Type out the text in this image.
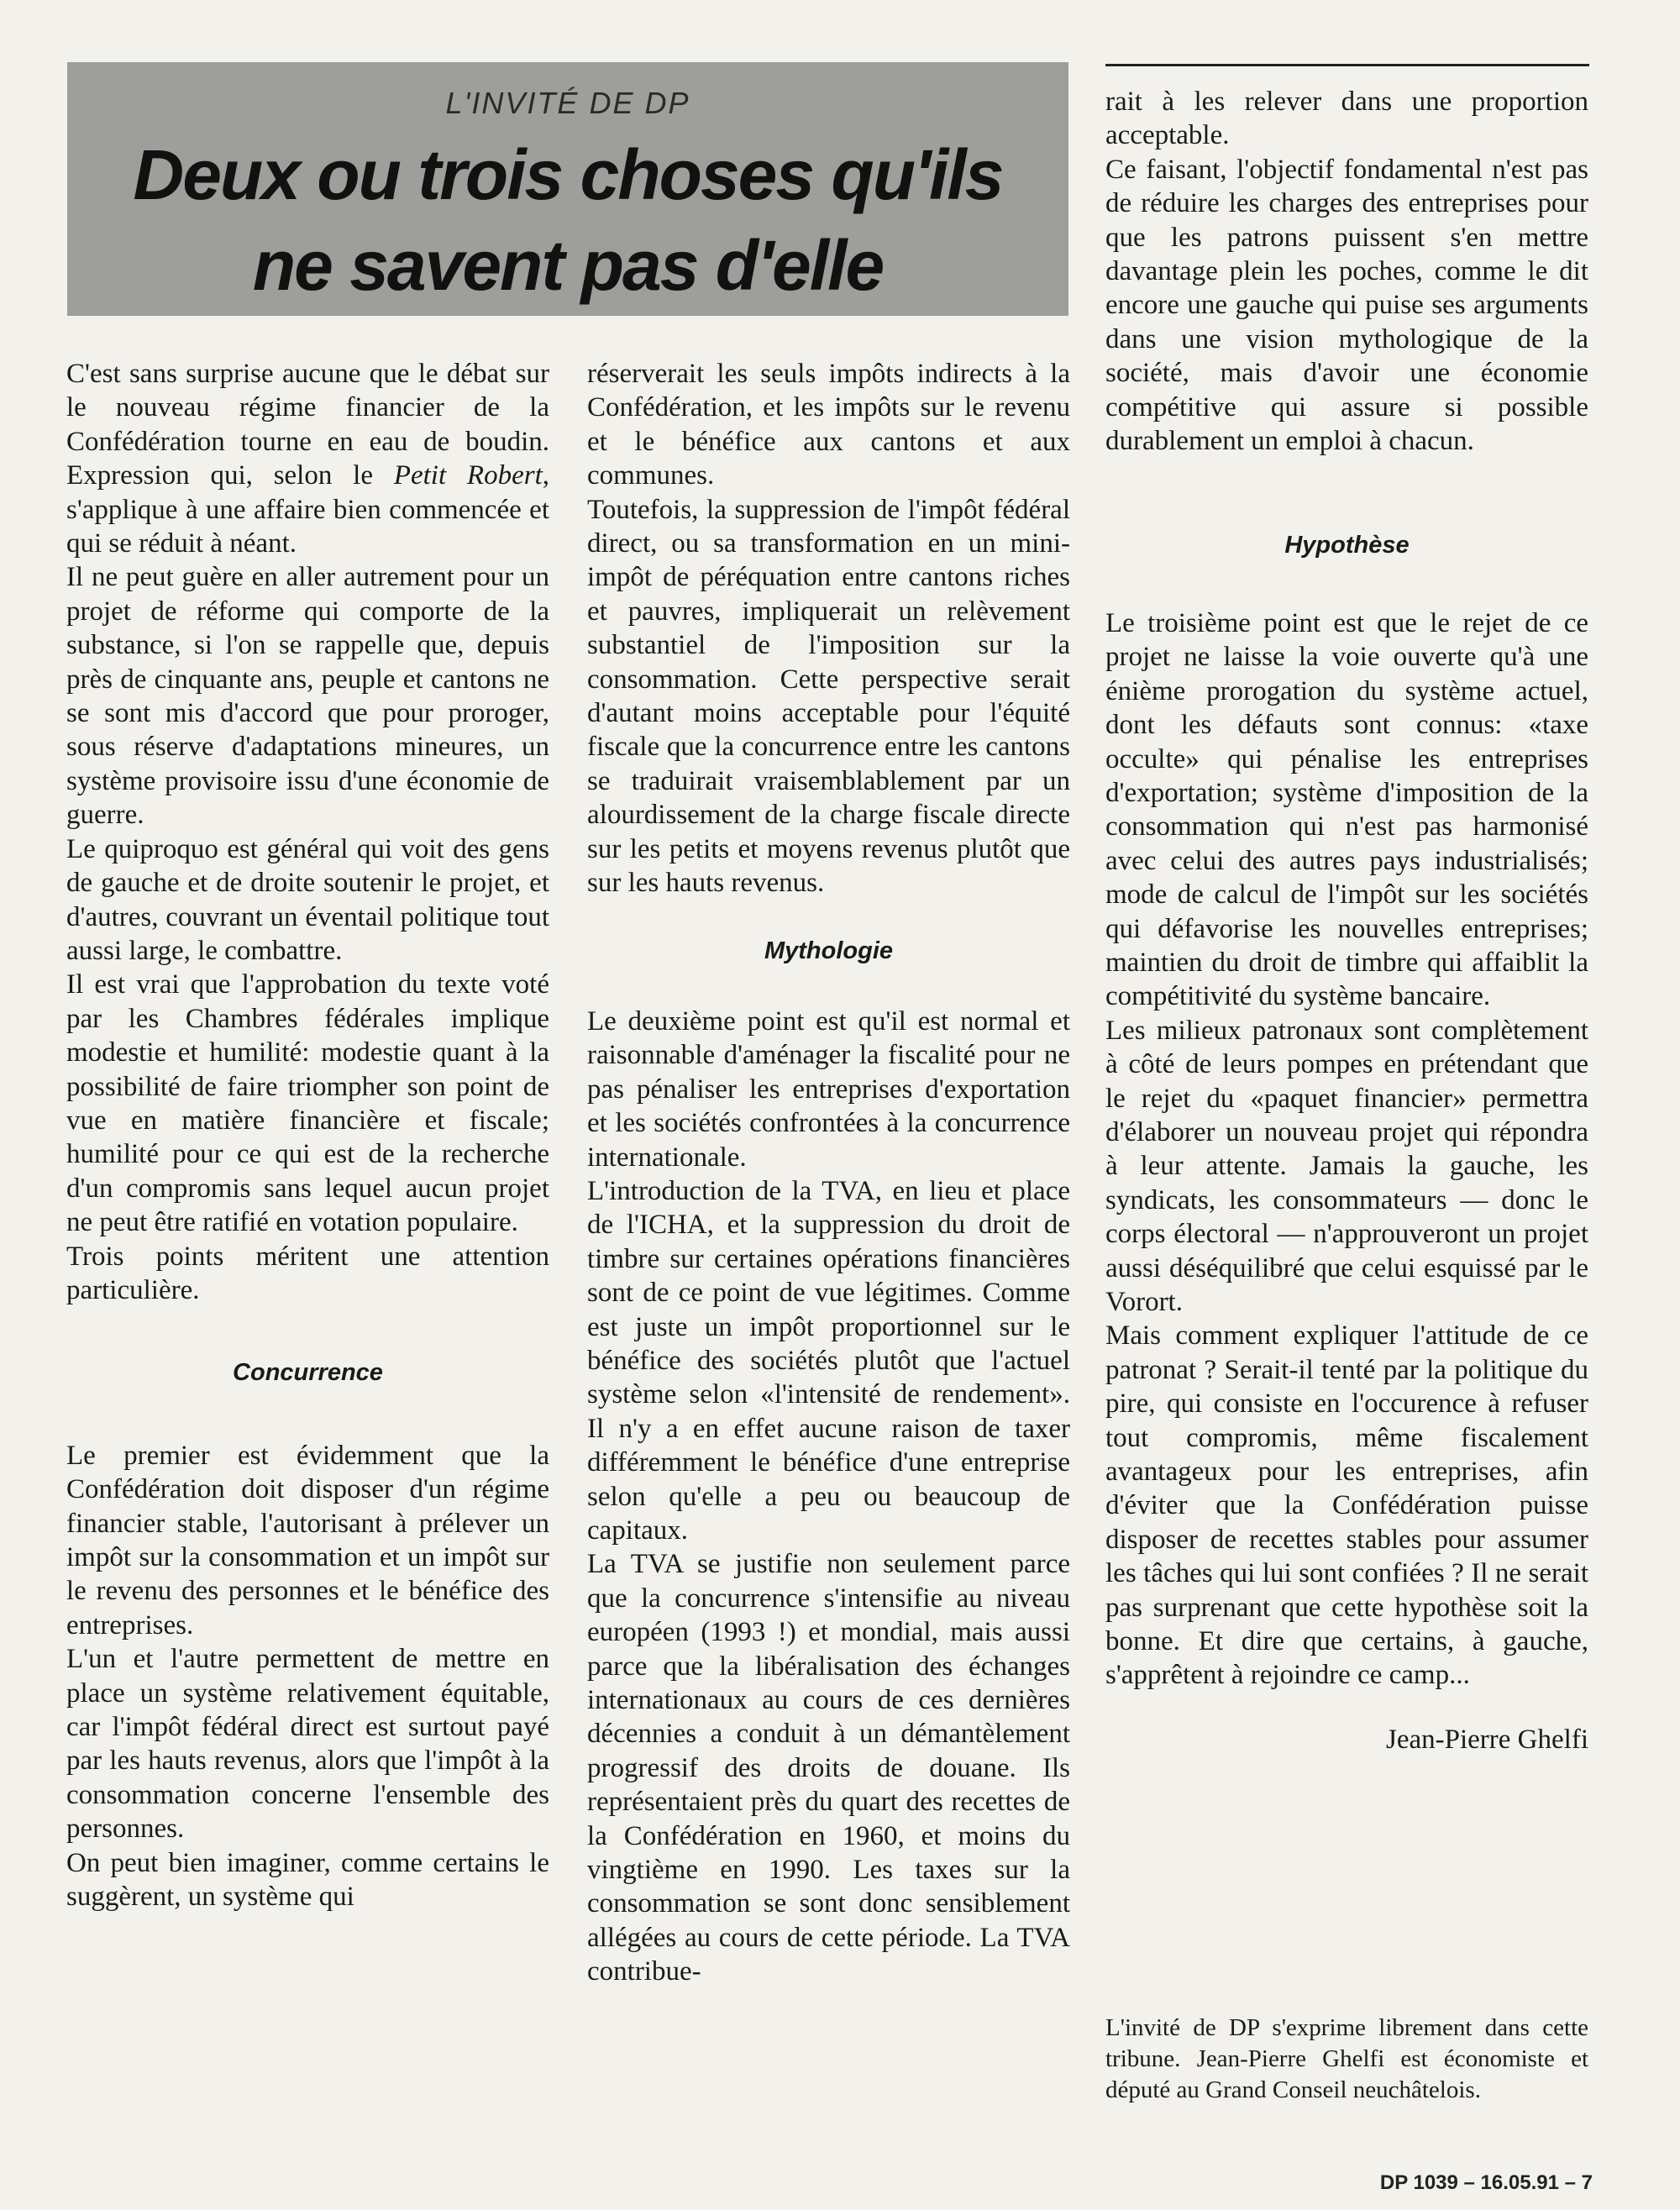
L'INVITÉ DE DP
Deux ou trois choses qu'ils
ne savent pas d'elle

C'est sans surprise aucune que le débat sur le nouveau régime financier de la Confédération tourne en eau de boudin. Expression qui, selon le Petit Robert, s'applique à une affaire bien commencée et qui se réduit à néant.

Il ne peut guère en aller autrement pour un projet de réforme qui comporte de la substance, si l'on se rappelle que, depuis près de cinquante ans, peuple et cantons ne se sont mis d'accord que pour proroger, sous réserve d'adaptations mineures, un système provisoire issu d'une économie de guerre.

Le quiproquo est général qui voit des gens de gauche et de droite soutenir le projet, et d'autres, couvrant un éventail politique tout aussi large, le combattre.

Il est vrai que l'approbation du texte voté par les Chambres fédérales implique modestie et humilité: modestie quant à la possibilité de faire triompher son point de vue en matière financière et fiscale; humilité pour ce qui est de la recherche d'un compromis sans lequel aucun projet ne peut être ratifié en votation populaire.

Trois points méritent une attention particulière.

Concurrence

Le premier est évidemment que la Confédération doit disposer d'un régime financier stable, l'autorisant à prélever un impôt sur la consommation et un impôt sur le revenu des personnes et le bénéfice des entreprises.

L'un et l'autre permettent de mettre en place un système relativement équitable, car l'impôt fédéral direct est surtout payé par les hauts revenus, alors que l'impôt à la consommation concerne l'ensemble des personnes.

On peut bien imaginer, comme certains le suggèrent, un système qui

réserverait les seuls impôts indirects à la Confédération, et les impôts sur le revenu et le bénéfice aux cantons et aux communes.

Toutefois, la suppression de l'impôt fédéral direct, ou sa transformation en un mini-impôt de péréquation entre cantons riches et pauvres, impliquerait un relèvement substantiel de l'imposition sur la consommation. Cette perspective serait d'autant moins acceptable pour l'équité fiscale que la concurrence entre les cantons se traduirait vraisemblablement par un alourdissement de la charge fiscale directe sur les petits et moyens revenus plutôt que sur les hauts revenus.

Mythologie

Le deuxième point est qu'il est normal et raisonnable d'aménager la fiscalité pour ne pas pénaliser les entreprises d'exportation et les sociétés confrontées à la concurrence internationale.

L'introduction de la TVA, en lieu et place de l'ICHA, et la suppression du droit de timbre sur certaines opérations financières sont de ce point de vue légitimes. Comme est juste un impôt proportionnel sur le bénéfice des sociétés plutôt que l'actuel système selon «l'intensité de rendement». Il n'y a en effet aucune raison de taxer différemment le bénéfice d'une entreprise selon qu'elle a peu ou beaucoup de capitaux.

La TVA se justifie non seulement parce que la concurrence s'intensifie au niveau européen (1993 !) et mondial, mais aussi parce que la libéralisation des échanges internationaux au cours de ces dernières décennies a conduit à un démantèlement progressif des droits de douane. Ils représentaient près du quart des recettes de la Confédération en 1960, et moins du vingtième en 1990. Les taxes sur la consommation se sont donc sensiblement allégées au cours de cette période. La TVA contribue-

rait à les relever dans une proportion acceptable.

Ce faisant, l'objectif fondamental n'est pas de réduire les charges des entreprises pour que les patrons puissent s'en mettre davantage plein les poches, comme le dit encore une gauche qui puise ses arguments dans une vision mythologique de la société, mais d'avoir une économie compétitive qui assure si possible durablement un emploi à chacun.

Hypothèse

Le troisième point est que le rejet de ce projet ne laisse la voie ouverte qu'à une énième prorogation du système actuel, dont les défauts sont connus: «taxe occulte» qui pénalise les entreprises d'exportation; système d'imposition de la consommation qui n'est pas harmonisé avec celui des autres pays industrialisés; mode de calcul de l'impôt sur les sociétés qui défavorise les nouvelles entreprises; maintien du droit de timbre qui affaiblit la compétitivité du système bancaire.

Les milieux patronaux sont complètement à côté de leurs pompes en prétendant que le rejet du «paquet financier» permettra d'élaborer un nouveau projet qui répondra à leur attente. Jamais la gauche, les syndicats, les consommateurs — donc le corps électoral — n'approuveront un projet aussi déséquilibré que celui esquissé par le Vorort.

Mais comment expliquer l'attitude de ce patronat ? Serait-il tenté par la politique du pire, qui consiste en l'occurence à refuser tout compromis, même fiscalement avantageux pour les entreprises, afin d'éviter que la Confédération puisse disposer de recettes stables pour assumer les tâches qui lui sont confiées ? Il ne serait pas surprenant que cette hypothèse soit la bonne. Et dire que certains, à gauche, s'apprêtent à rejoindre ce camp...

Jean-Pierre Ghelfi

L'invité de DP s'exprime librement dans cette tribune. Jean-Pierre Ghelfi est économiste et député au Grand Conseil neuchâtelois.
DP 1039 – 16.05.91 – 7
